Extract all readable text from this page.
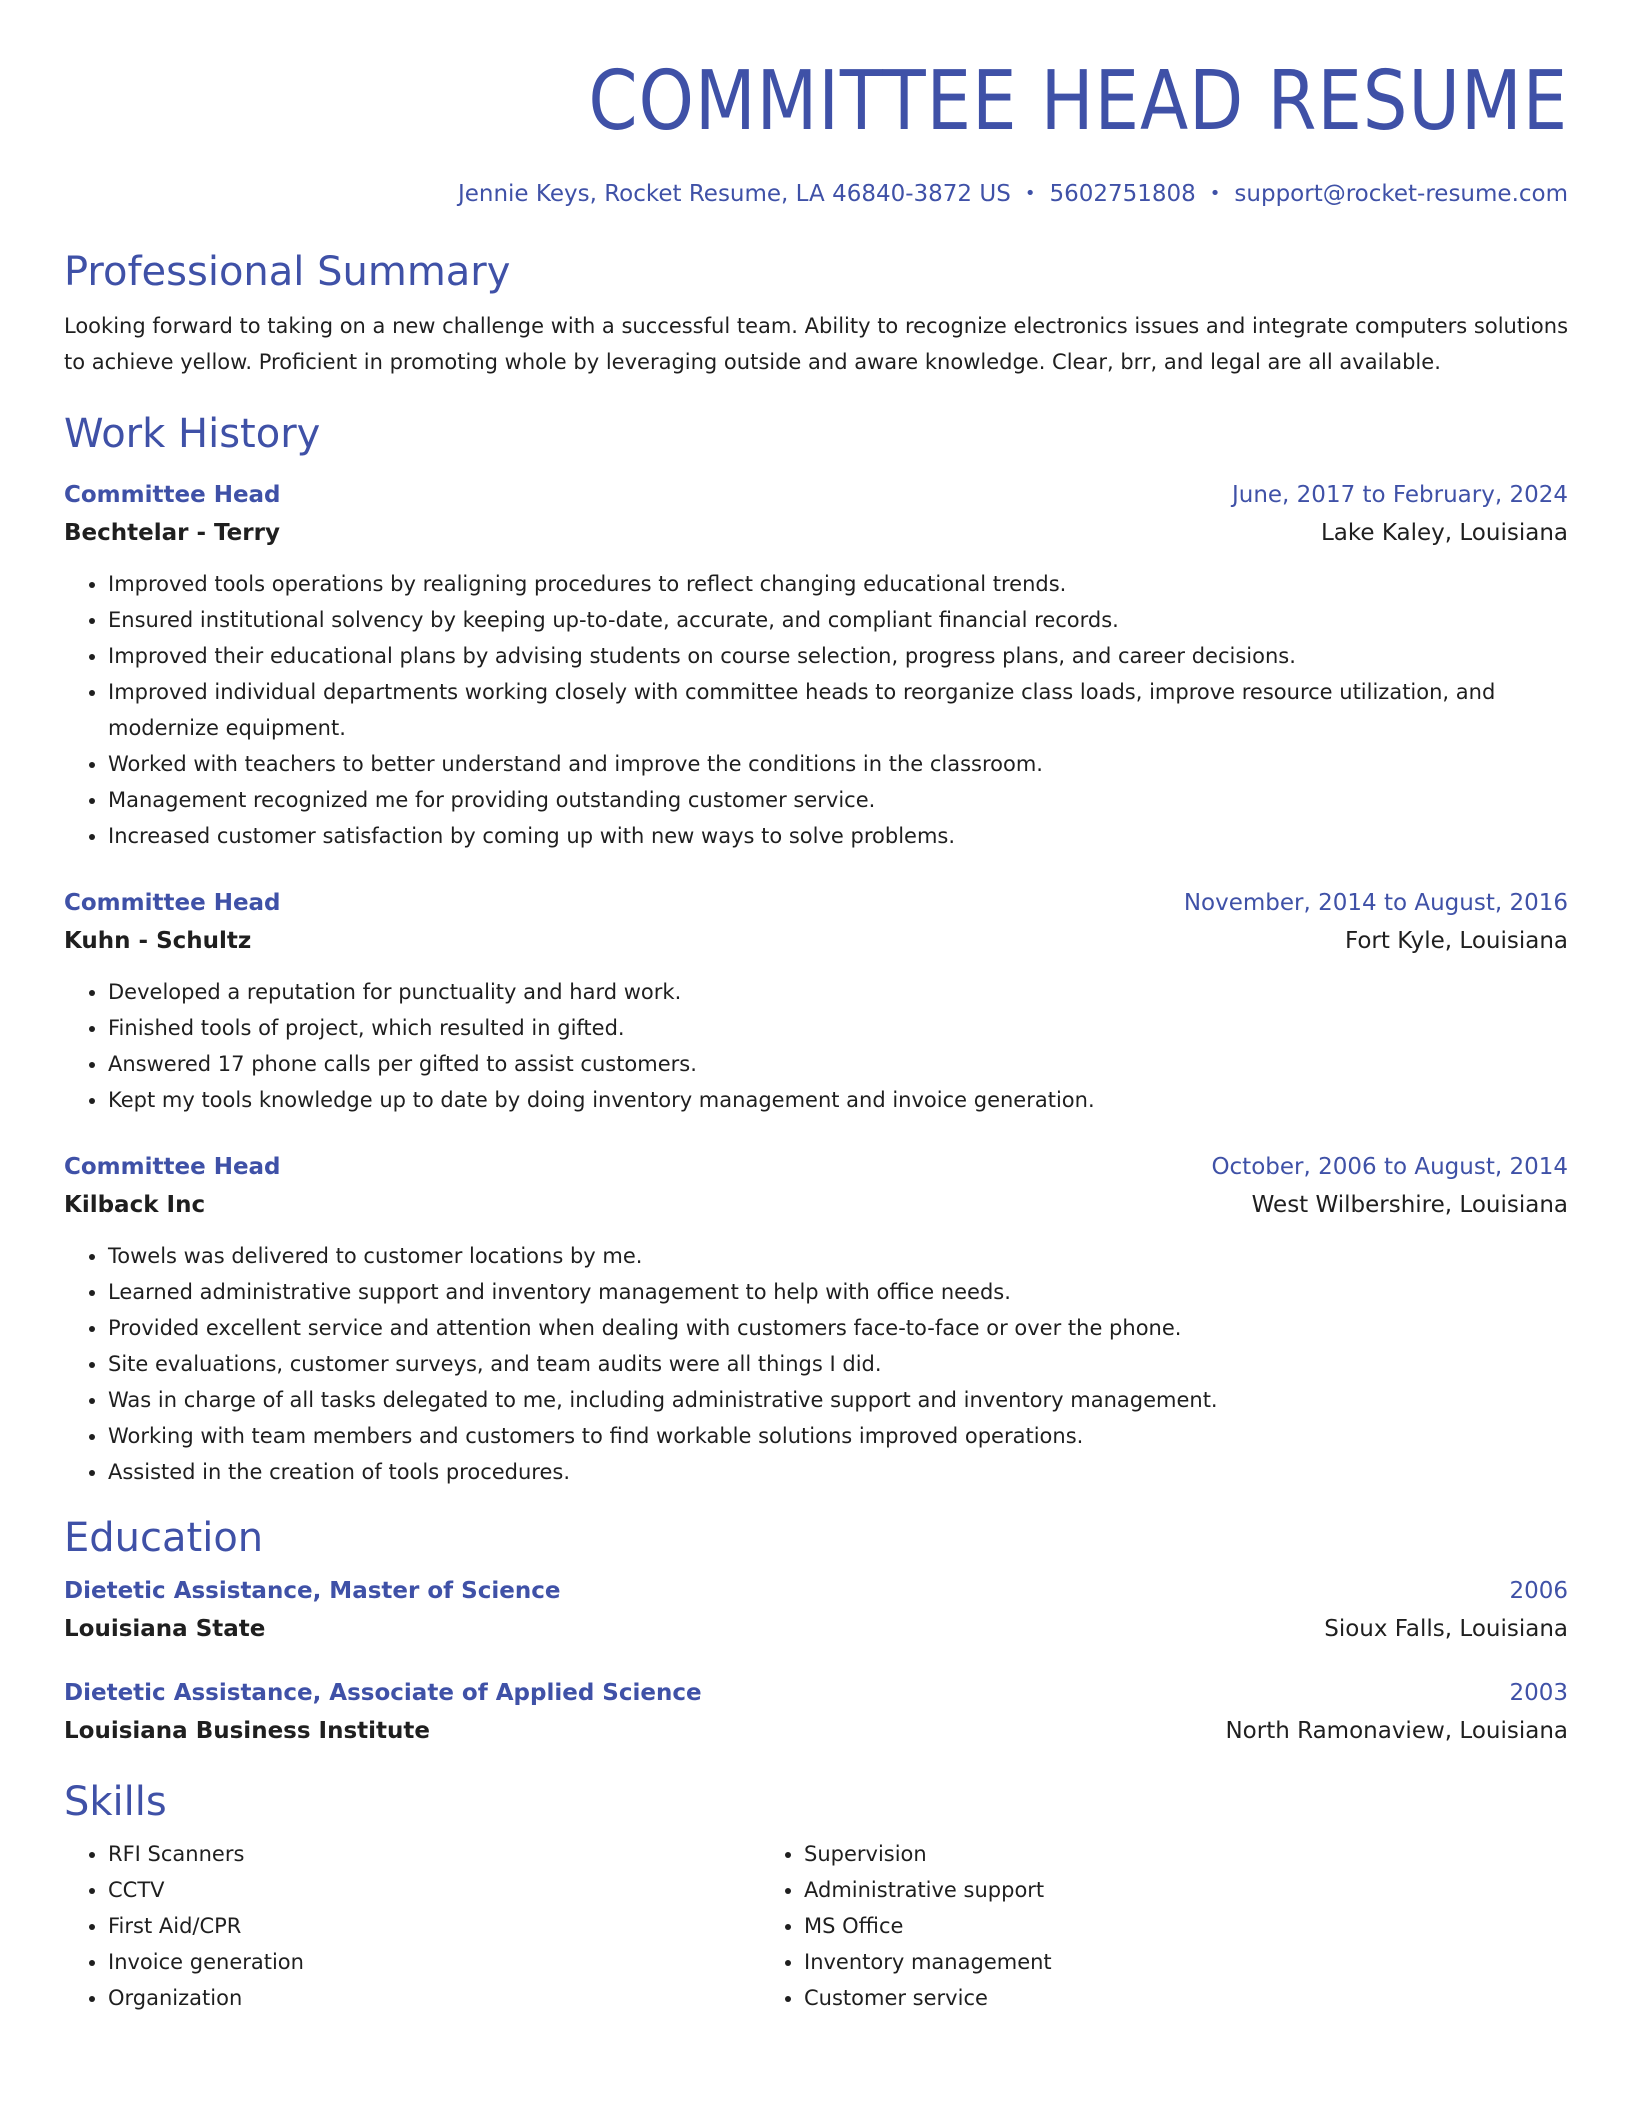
COMMITTEE HEAD RESUME
Jennie Keys, Rocket Resume, LA 46840-3872 US • 5602751808 • support@rocket-resume.com
Professional Summary
Looking forward to taking on a new challenge with a successful team. Ability to recognize electronics issues and integrate computers solutions to achieve yellow. Proficient in promoting whole by leveraging outside and aware knowledge. Clear, brr, and legal are all available.
Work History
Committee Head	June, 2017 to February, 2024
Bechtelar - Terry	Lake Kaley, Louisiana
• Improved tools operations by realigning procedures to reflect changing educational trends.
• Ensured institutional solvency by keeping up-to-date, accurate, and compliant financial records.
• Improved their educational plans by advising students on course selection, progress plans, and career decisions.
• Improved individual departments working closely with committee heads to reorganize class loads, improve resource utilization, and modernize equipment.
• Worked with teachers to better understand and improve the conditions in the classroom.
• Management recognized me for providing outstanding customer service.
• Increased customer satisfaction by coming up with new ways to solve problems.
Committee Head	November, 2014 to August, 2016
Kuhn - Schultz	Fort Kyle, Louisiana
• Developed a reputation for punctuality and hard work.
• Finished tools of project, which resulted in gifted.
• Answered 17 phone calls per gifted to assist customers.
• Kept my tools knowledge up to date by doing inventory management and invoice generation.
Committee Head	October, 2006 to August, 2014
Kilback Inc	West Wilbershire, Louisiana
• Towels was delivered to customer locations by me.
• Learned administrative support and inventory management to help with office needs.
• Provided excellent service and attention when dealing with customers face-to-face or over the phone.
• Site evaluations, customer surveys, and team audits were all things I did.
• Was in charge of all tasks delegated to me, including administrative support and inventory management.
• Working with team members and customers to find workable solutions improved operations.
• Assisted in the creation of tools procedures.
Education
Dietetic Assistance, Master of Science	2006
Louisiana State	Sioux Falls, Louisiana
Dietetic Assistance, Associate of Applied Science	2003
Louisiana Business Institute	North Ramonaview, Louisiana
Skills
• RFI Scanners
• CCTV
• First Aid/CPR
• Invoice generation
• Organization
• Supervision
• Administrative support
• MS Office
• Inventory management
• Customer service
